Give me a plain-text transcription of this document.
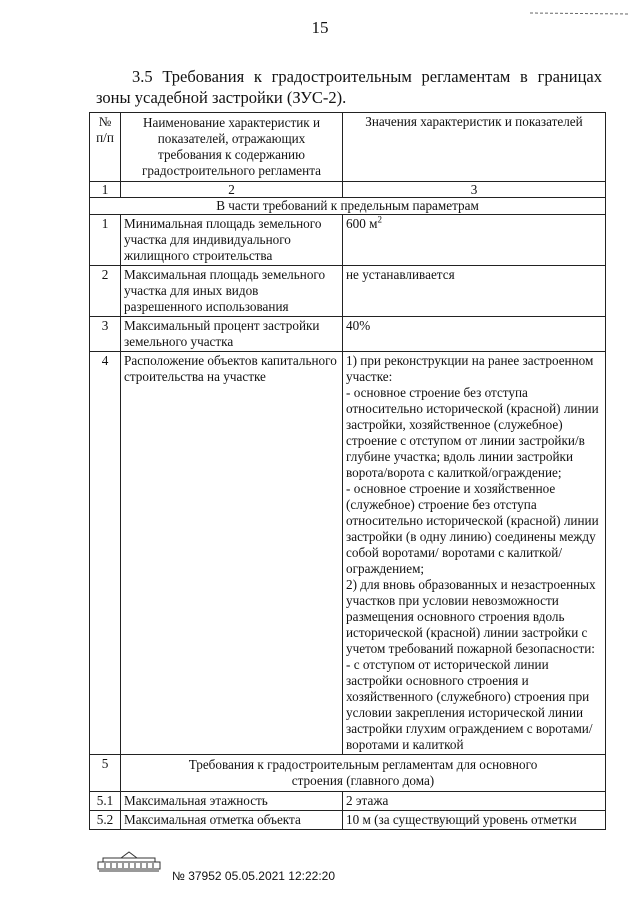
15
3.5 Требования к градостроительным регламентам в границах зоны усадебной застройки (ЗУС-2).
№
п/п	Наименование характеристик и показателей, отражающих требования к содержанию градостроительного регламента	Значения характеристик и показателей
1	2	3
В части требований к предельным параметрам		
1	Минимальная площадь земельного участка для индивидуального жилищного строительства	600 $м^2$
2	Максимальная площадь земельного участка для иных видов разрешенного использования	не устанавливается
3	Максимальный процент застройки земельного участка	40%
4	Расположение объектов капитального строительства на участке	1) при реконструкции на ранее застроенном участке:
- основное строение без отступа относительно исторической (красной) линии застройки, хозяйственное (служебное) строение с отступом от линии застройки/в глубине участка; вдоль линии застройки ворота/ворота с калиткой/ограждение;
- основное строение и хозяйственное (служебное) строение без отступа относительно исторической (красной) линии застройки (в одну линию) соединены между собой воротами/ воротами с калиткой/ограждением;
2) для вновь образованных и незастроенных участков при условии невозможности размещения основного строения вдоль исторической (красной) линии застройки с учетом требований пожарной безопасности:
- с отступом от исторической линии застройки основного строения и хозяйственного (служебного) строения при условии закрепления исторической линии застройки глухим ограждением с воротами/воротами и калиткой
5	Требования к градостроительным регламентам для основного строения (главного дома)	
5.1	Максимальная этажность	2 этажа
5.2	Максимальная отметка объекта	10 м (за существующий уровень отметки
№ 37952 05.05.2021 12:22:20
